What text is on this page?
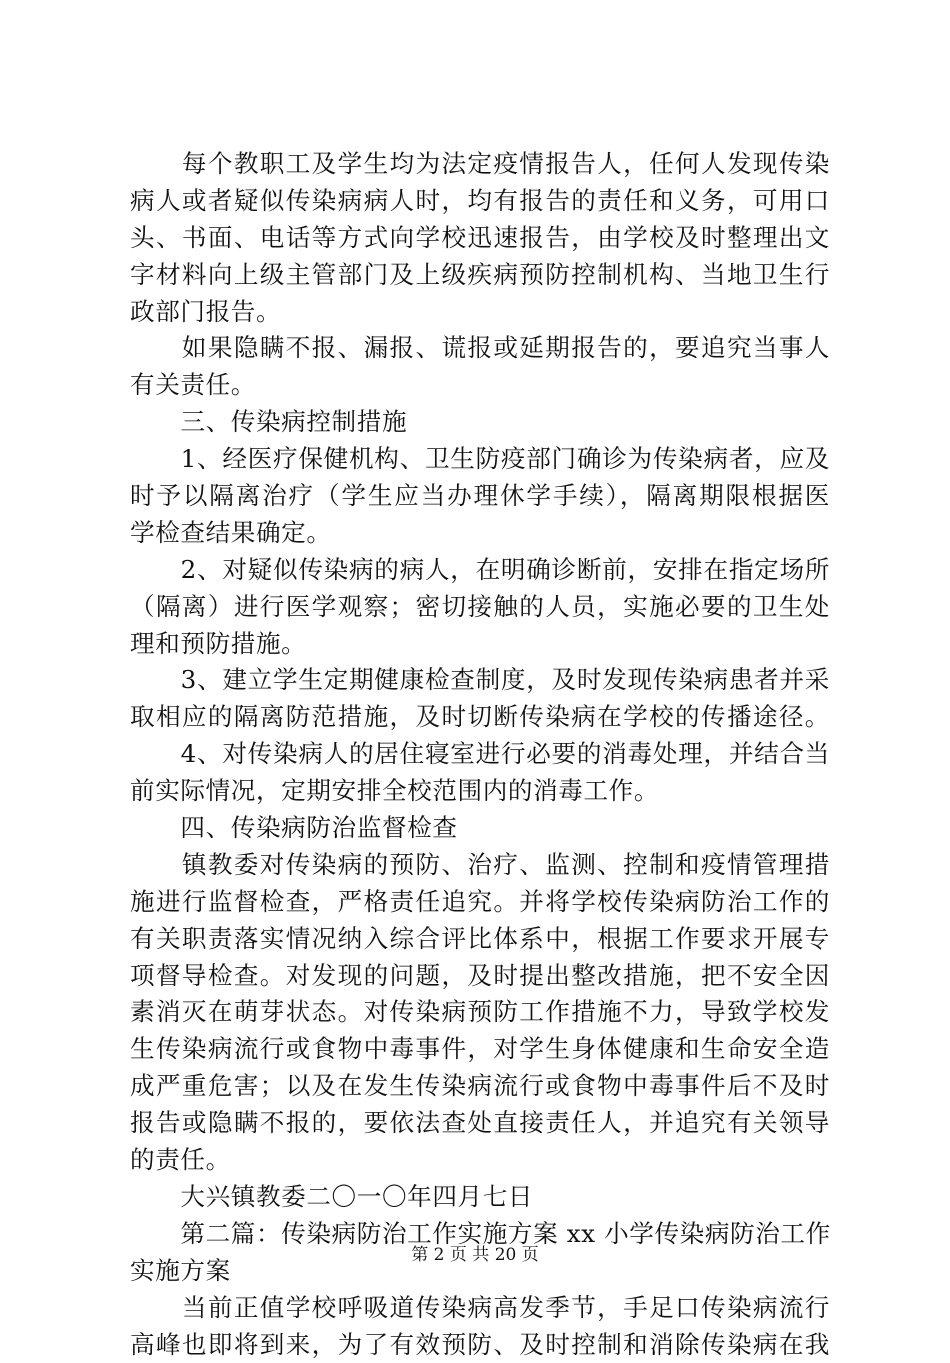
　　每个教职工及学生均为法定疫情报告人，任何人发现传染
病人或者疑似传染病病人时，均有报告的责任和义务，可用口
头、书面、电话等方式向学校迅速报告，由学校及时整理出文
字材料向上级主管部门及上级疾病预防控制机构、当地卫生行
政部门报告。
　　如果隐瞒不报、漏报、谎报或延期报告的，要追究当事人
有关责任。
　　三、传染病控制措施
　　1、经医疗保健机构、卫生防疫部门确诊为传染病者，应及
时予以隔离治疗（学生应当办理休学手续），隔离期限根据医
学检查结果确定。
　　2、对疑似传染病的病人，在明确诊断前，安排在指定场所
（隔离）进行医学观察；密切接触的人员，实施必要的卫生处
理和预防措施。
　　3、建立学生定期健康检查制度，及时发现传染病患者并采
取相应的隔离防范措施，及时切断传染病在学校的传播途径。
　　4、对传染病人的居住寝室进行必要的消毒处理，并结合当
前实际情况，定期安排全校范围内的消毒工作。
　　四、传染病防治监督检查
　　镇教委对传染病的预防、治疗、监测、控制和疫情管理措
施进行监督检查，严格责任追究。并将学校传染病防治工作的
有关职责落实情况纳入综合评比体系中，根据工作要求开展专
项督导检查。对发现的问题，及时提出整改措施，把不安全因
素消灭在萌芽状态。对传染病预防工作措施不力，导致学校发
生传染病流行或食物中毒事件，对学生身体健康和生命安全造
成严重危害；以及在发生传染病流行或食物中毒事件后不及时
报告或隐瞒不报的，要依法查处直接责任人，并追究有关领导
的责任。
　　大兴镇教委二〇一〇年四月七日
　　第二篇：传染病防治工作实施方案 xx 小学传染病防治工作
实施方案
　　当前正值学校呼吸道传染病高发季节，手足口传染病流行
高峰也即将到来，为了有效预防、及时控制和消除传染病在我
第 2 页 共 20 页
